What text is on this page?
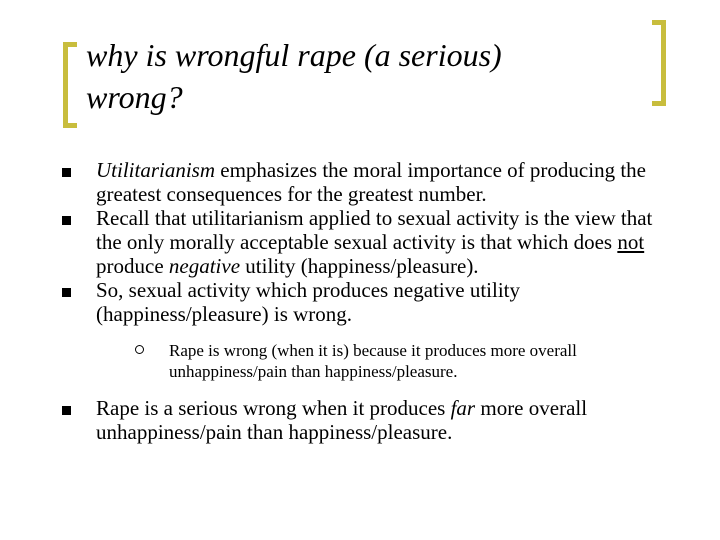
why is wrongful rape (a serious)
wrong?
Utilitarianism emphasizes the moral importance of producing the greatest consequences for the greatest number.
Recall that utilitarianism applied to sexual activity is the view that the only morally acceptable sexual activity is that which does not produce negative utility (happiness/pleasure).
So, sexual activity which produces negative utility (happiness/pleasure) is wrong.
Rape is wrong (when it is) because it produces more overall unhappiness/pain than happiness/pleasure.
Rape is a serious wrong when it produces far more overall unhappiness/pain than happiness/pleasure.
